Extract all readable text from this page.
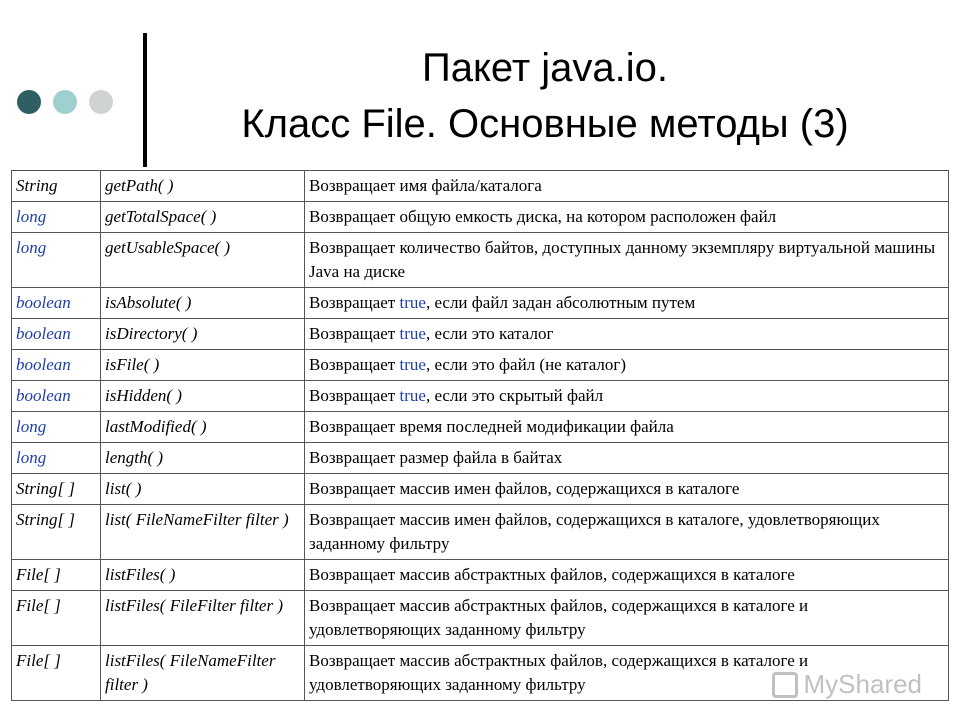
Пакет java.io.
Класс File. Основные методы (3)
String	getPath( )	Возвращает имя файла/каталога
long	getTotalSpace( )	Возвращает общую емкость диска, на котором расположен файл
long	getUsableSpace( )	Возвращает количество байтов, доступных данному экземпляру виртуальной машины Java на диске
boolean	isAbsolute( )	Возвращает true, если файл задан абсолютным путем
boolean	isDirectory( )	Возвращает true, если это каталог
boolean	isFile( )	Возвращает true, если это файл (не каталог)
boolean	isHidden( )	Возвращает true, если это скрытый файл
long	lastModified( )	Возвращает время последней модификации файла
long	length( )	Возвращает размер файла в байтах
String[ ]	list( )	Возвращает массив имен файлов, содержащихся в каталоге
String[ ]	list( FileNameFilter filter )	Возвращает массив имен файлов, содержащихся в каталоге, удовлетворяющих заданному фильтру
File[ ]	listFiles( )	Возвращает массив абстрактных файлов, содержащихся в каталоге
File[ ]	listFiles( FileFilter filter )	Возвращает массив абстрактных файлов, содержащихся в каталоге и удовлетворяющих заданному фильтру
File[ ]	listFiles( FileNameFilter filter )	Возвращает массив абстрактных файлов, содержащихся в каталоге и удовлетворяющих заданному фильтру	MyShared
